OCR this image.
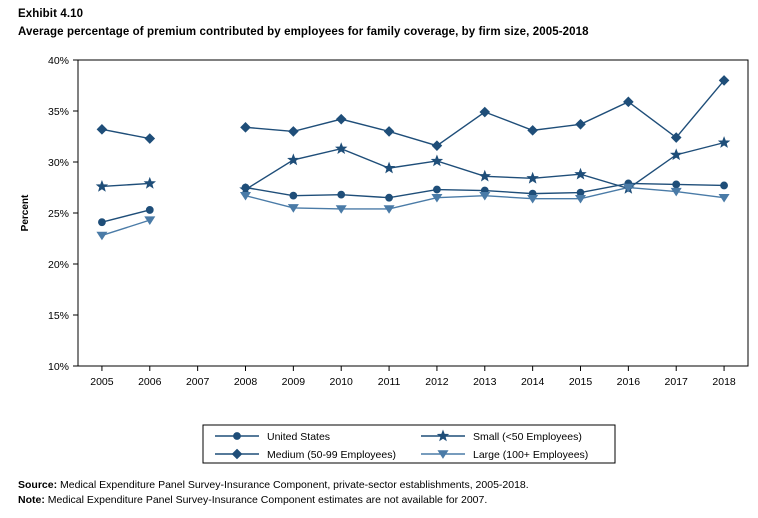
Exhibit 4.10
Average percentage of premium contributed by employees for family coverage, by firm size, 2005-2018
10%
15%
20%
25%
30%
35%
40%
Percent
2005 2006 2007 2008 2009 2010 2011 2012 2013 2014 2015 2016 2017 2018
United States	Small (<50 Employees)
Medium (50-99 Employees)	Large (100+ Employees)
Source: Medical Expenditure Panel Survey-Insurance Component, private-sector establishments, 2005-2018.
Note: Medical Expenditure Panel Survey-Insurance Component estimates are not available for 2007.
